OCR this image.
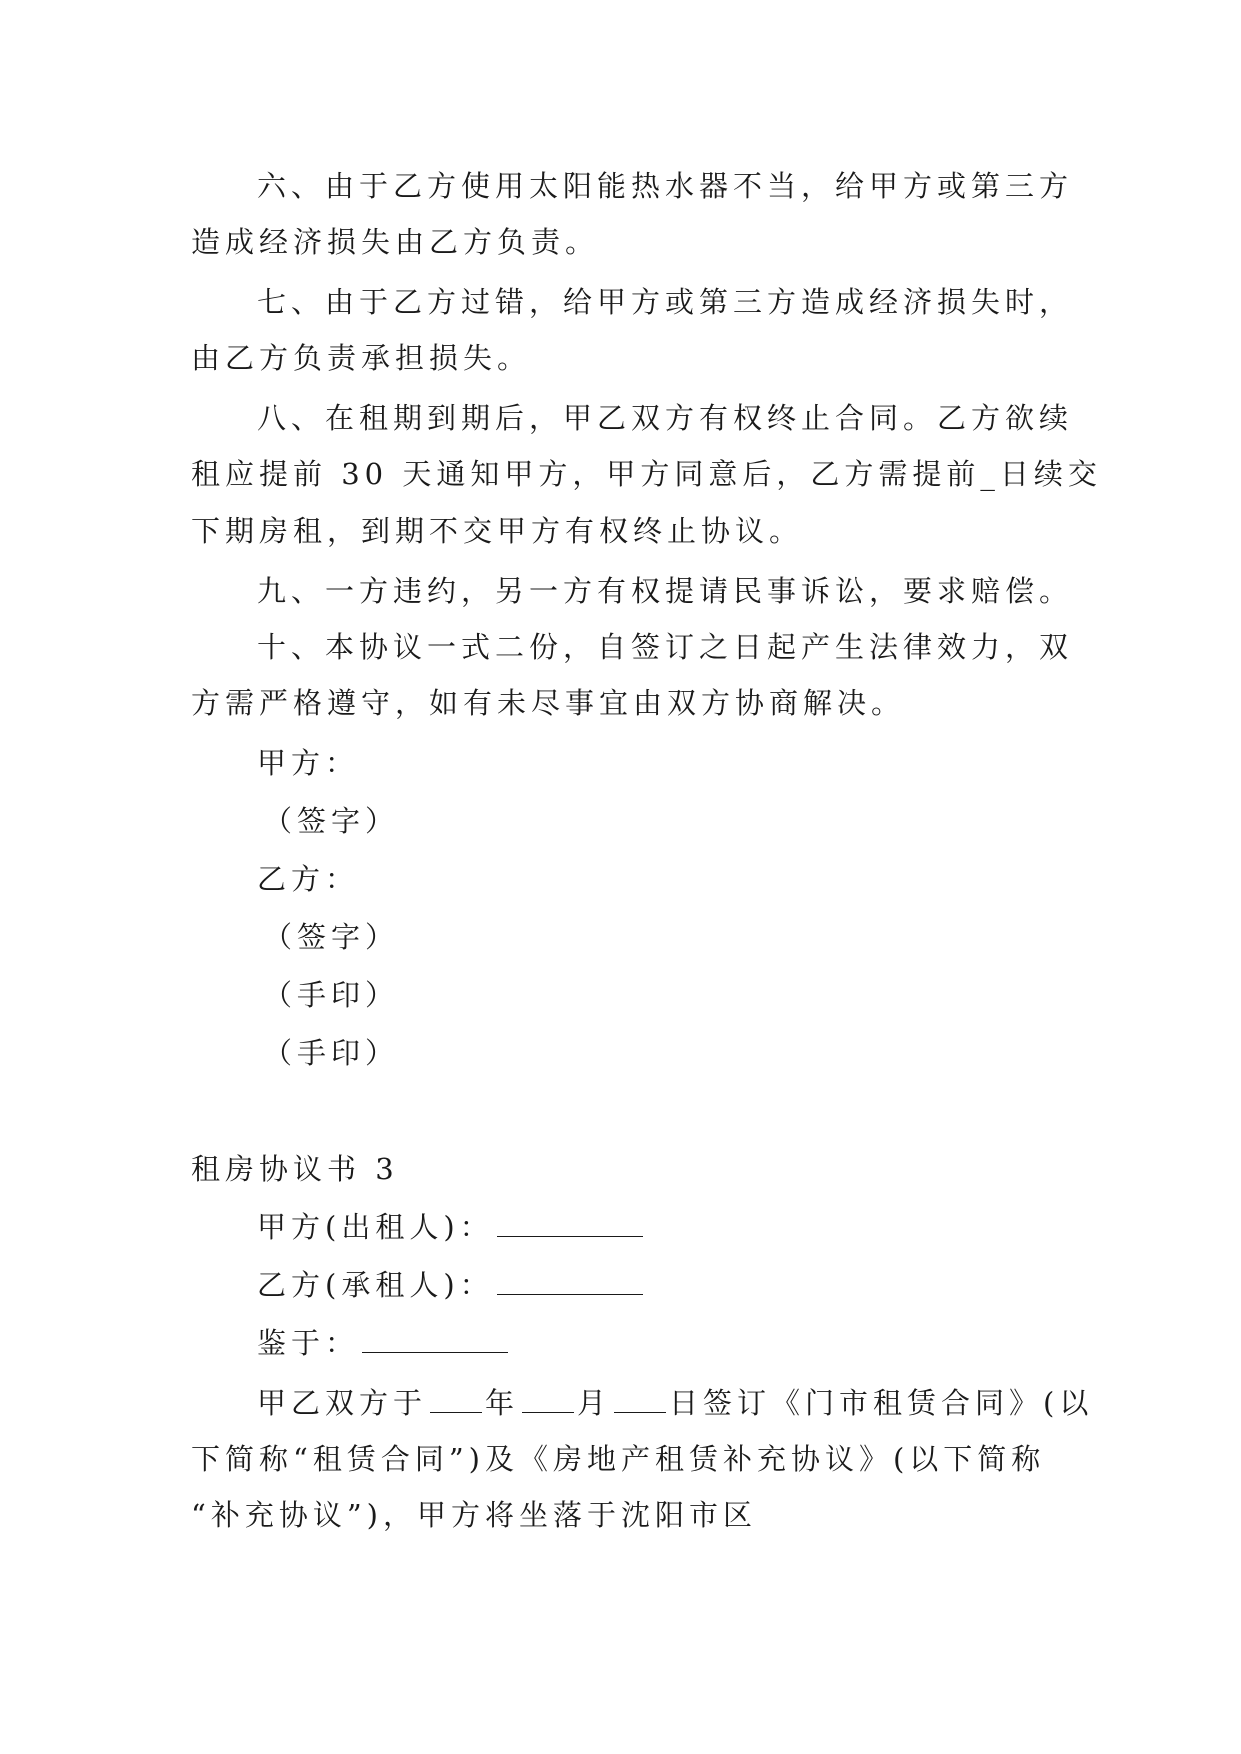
六、由于乙方使用太阳能热水器不当，给甲方或第三方
造成经济损失由乙方负责。
七、由于乙方过错，给甲方或第三方造成经济损失时，
由乙方负责承担损失。
八、在租期到期后，甲乙双方有权终止合同。乙方欲续
租应提前 30 天通知甲方，甲方同意后，乙方需提前_日续交
下期房租，到期不交甲方有权终止协议。
九、一方违约，另一方有权提请民事诉讼，要求赔偿。
十、本协议一式二份，自签订之日起产生法律效力，双
方需严格遵守，如有未尽事宜由双方协商解决。
甲方：
（签字）
乙方：
（签字）
（手印）
（手印）
租房协议书 3
甲方(出租人)：
乙方(承租人)：
鉴于：
甲乙双方于 年 月 日签订《门市租赁合同》(以
下简称“租赁合同”)及《房地产租赁补充协议》(以下简称
“补充协议”)，甲方将坐落于沈阳市区
